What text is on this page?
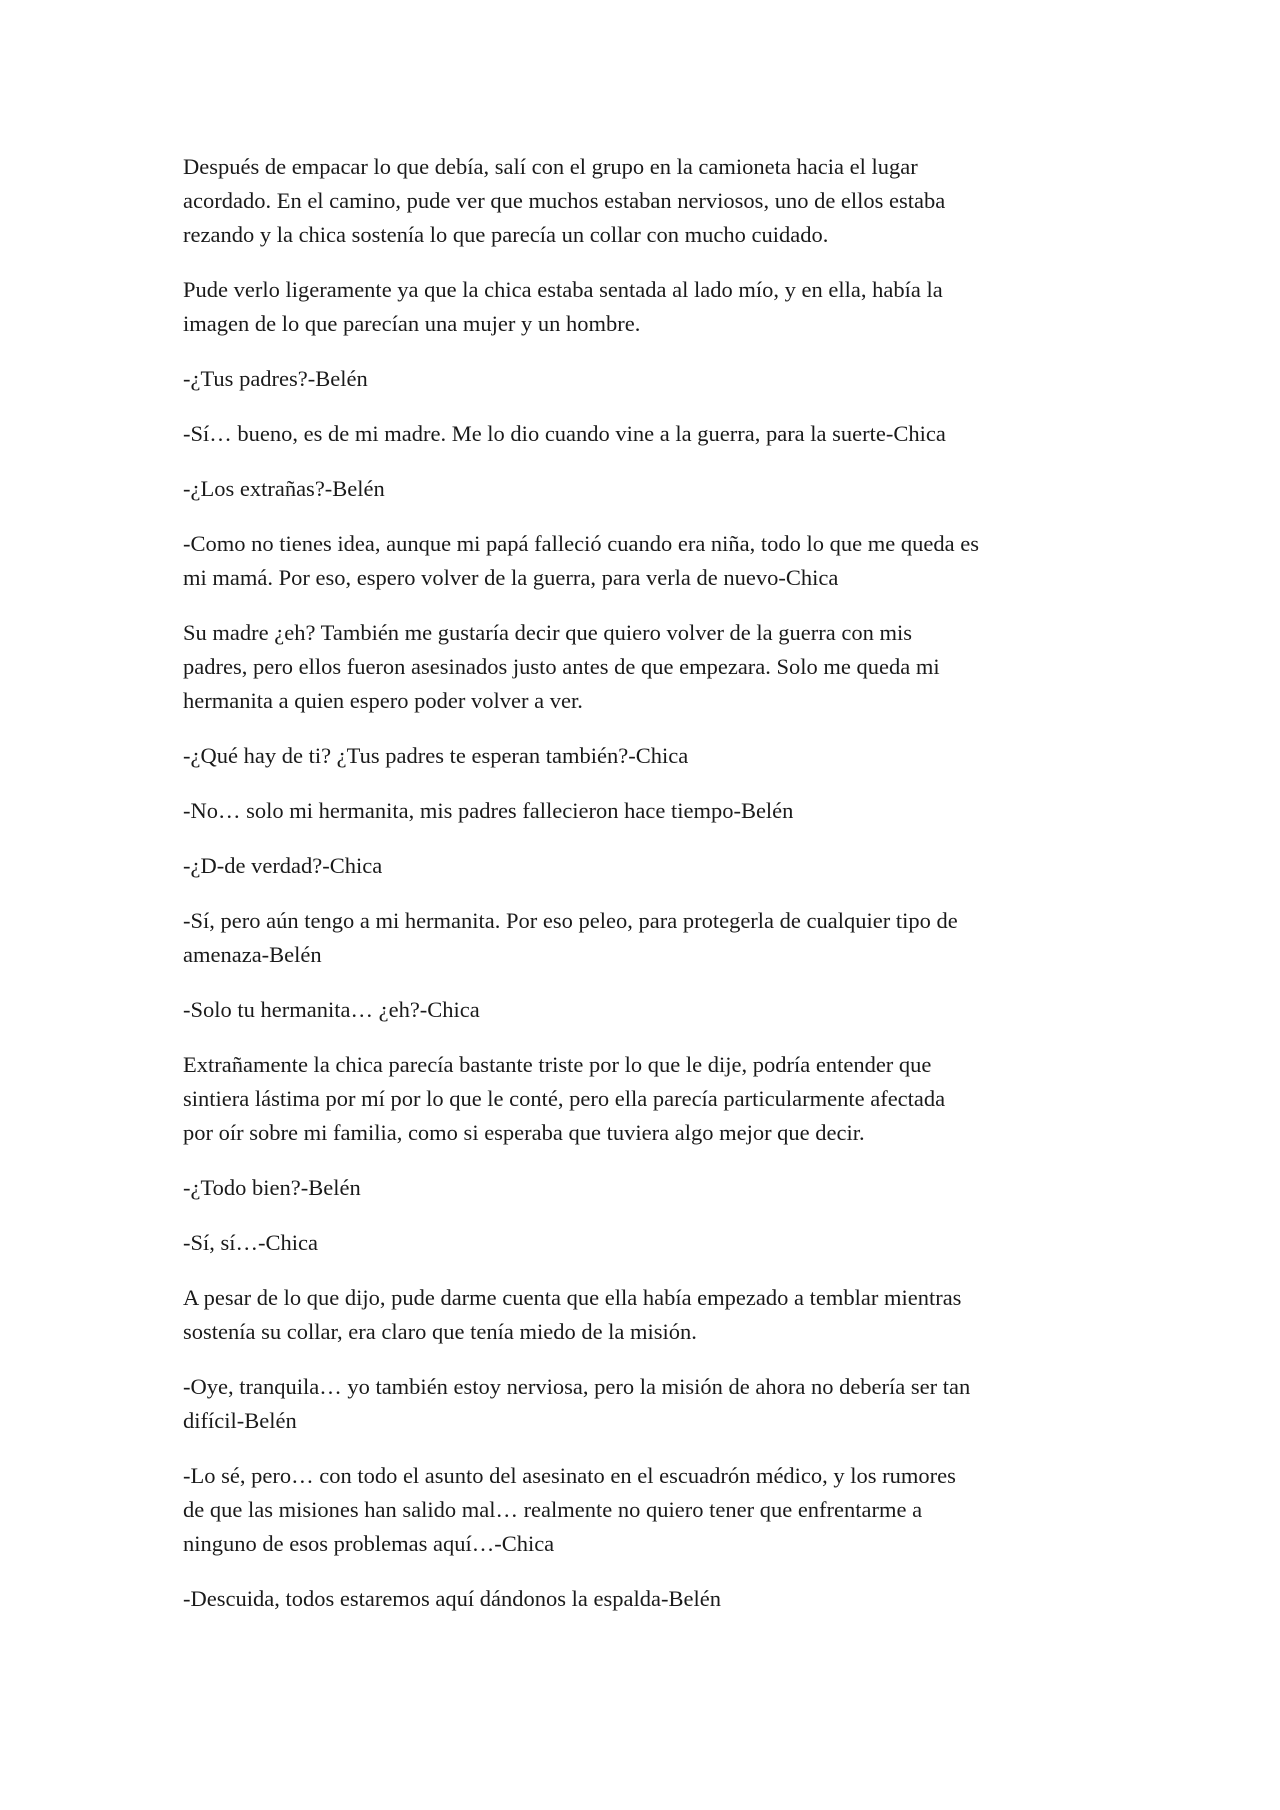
Después de empacar lo que debía, salí con el grupo en la camioneta hacia el lugar
acordado. En el camino, pude ver que muchos estaban nerviosos, uno de ellos estaba
rezando y la chica sostenía lo que parecía un collar con mucho cuidado.

Pude verlo ligeramente ya que la chica estaba sentada al lado mío, y en ella, había la
imagen de lo que parecían una mujer y un hombre.

-¿Tus padres?-Belén

-Sí… bueno, es de mi madre. Me lo dio cuando vine a la guerra, para la suerte-Chica

-¿Los extrañas?-Belén

-Como no tienes idea, aunque mi papá falleció cuando era niña, todo lo que me queda es
mi mamá. Por eso, espero volver de la guerra, para verla de nuevo-Chica

Su madre ¿eh? También me gustaría decir que quiero volver de la guerra con mis
padres, pero ellos fueron asesinados justo antes de que empezara. Solo me queda mi
hermanita a quien espero poder volver a ver.

-¿Qué hay de ti? ¿Tus padres te esperan también?-Chica

-No… solo mi hermanita, mis padres fallecieron hace tiempo-Belén

-¿D-de verdad?-Chica

-Sí, pero aún tengo a mi hermanita. Por eso peleo, para protegerla de cualquier tipo de
amenaza-Belén

-Solo tu hermanita… ¿eh?-Chica

Extrañamente la chica parecía bastante triste por lo que le dije, podría entender que
sintiera lástima por mí por lo que le conté, pero ella parecía particularmente afectada
por oír sobre mi familia, como si esperaba que tuviera algo mejor que decir.

-¿Todo bien?-Belén

-Sí, sí…-Chica

A pesar de lo que dijo, pude darme cuenta que ella había empezado a temblar mientras
sostenía su collar, era claro que tenía miedo de la misión.

-Oye, tranquila… yo también estoy nerviosa, pero la misión de ahora no debería ser tan
difícil-Belén

-Lo sé, pero… con todo el asunto del asesinato en el escuadrón médico, y los rumores
de que las misiones han salido mal… realmente no quiero tener que enfrentarme a
ninguno de esos problemas aquí…-Chica

-Descuida, todos estaremos aquí dándonos la espalda-Belén
